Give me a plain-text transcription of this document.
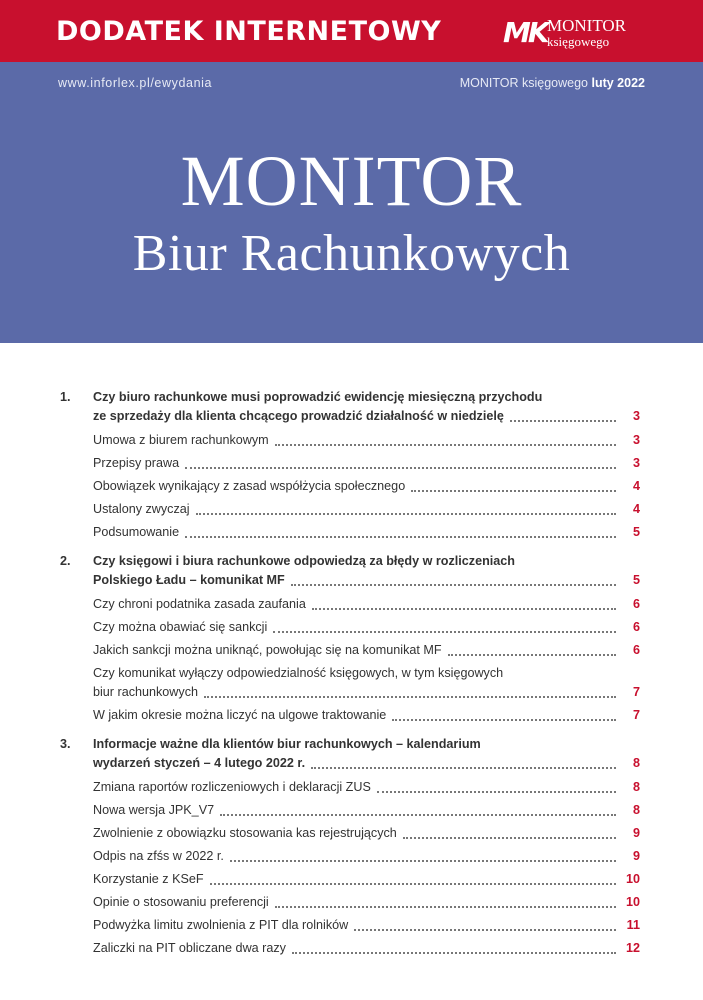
DODATEK INTERNETOWY MK MONITOR
księgowego
www.inforlex.pl/ewydania	MONITOR księgowego luty 2022
MONITOR
Biur Rachunkowych
1.	Czy biuro rachunkowe musi poprowadzić ewidencję miesięczną przychodu
ze sprzedaży dla klienta chcącego prowadzić działalność w niedzielę	3
Umowa z biurem rachunkowym	3
Przepisy prawa	3
Obowiązek wynikający z zasad współżycia społecznego	4
Ustalony zwyczaj	4
Podsumowanie	5
2.	Czy księgowi i biura rachunkowe odpowiedzą za błędy w rozliczeniach
Polskiego Ładu – komunikat MF	5
Czy chroni podatnika zasada zaufania	6
Czy można obawiać się sankcji	6
Jakich sankcji można uniknąć, powołując się na komunikat MF	6
Czy komunikat wyłączy odpowiedzialność księgowych, w tym księgowych
biur rachunkowych	7
W jakim okresie można liczyć na ulgowe traktowanie	7
3.	Informacje ważne dla klientów biur rachunkowych – kalendarium
wydarzeń styczeń – 4 lutego 2022 r.	8
Zmiana raportów rozliczeniowych i deklaracji ZUS	8
Nowa wersja JPK_V7	8
Zwolnienie z obowiązku stosowania kas rejestrujących	9
Odpis na zfśs w 2022 r.	9
Korzystanie z KSeF	10
Opinie o stosowaniu preferencji	10
Podwyżka limitu zwolnienia z PIT dla rolników	11
Zaliczki na PIT obliczane dwa razy	12
